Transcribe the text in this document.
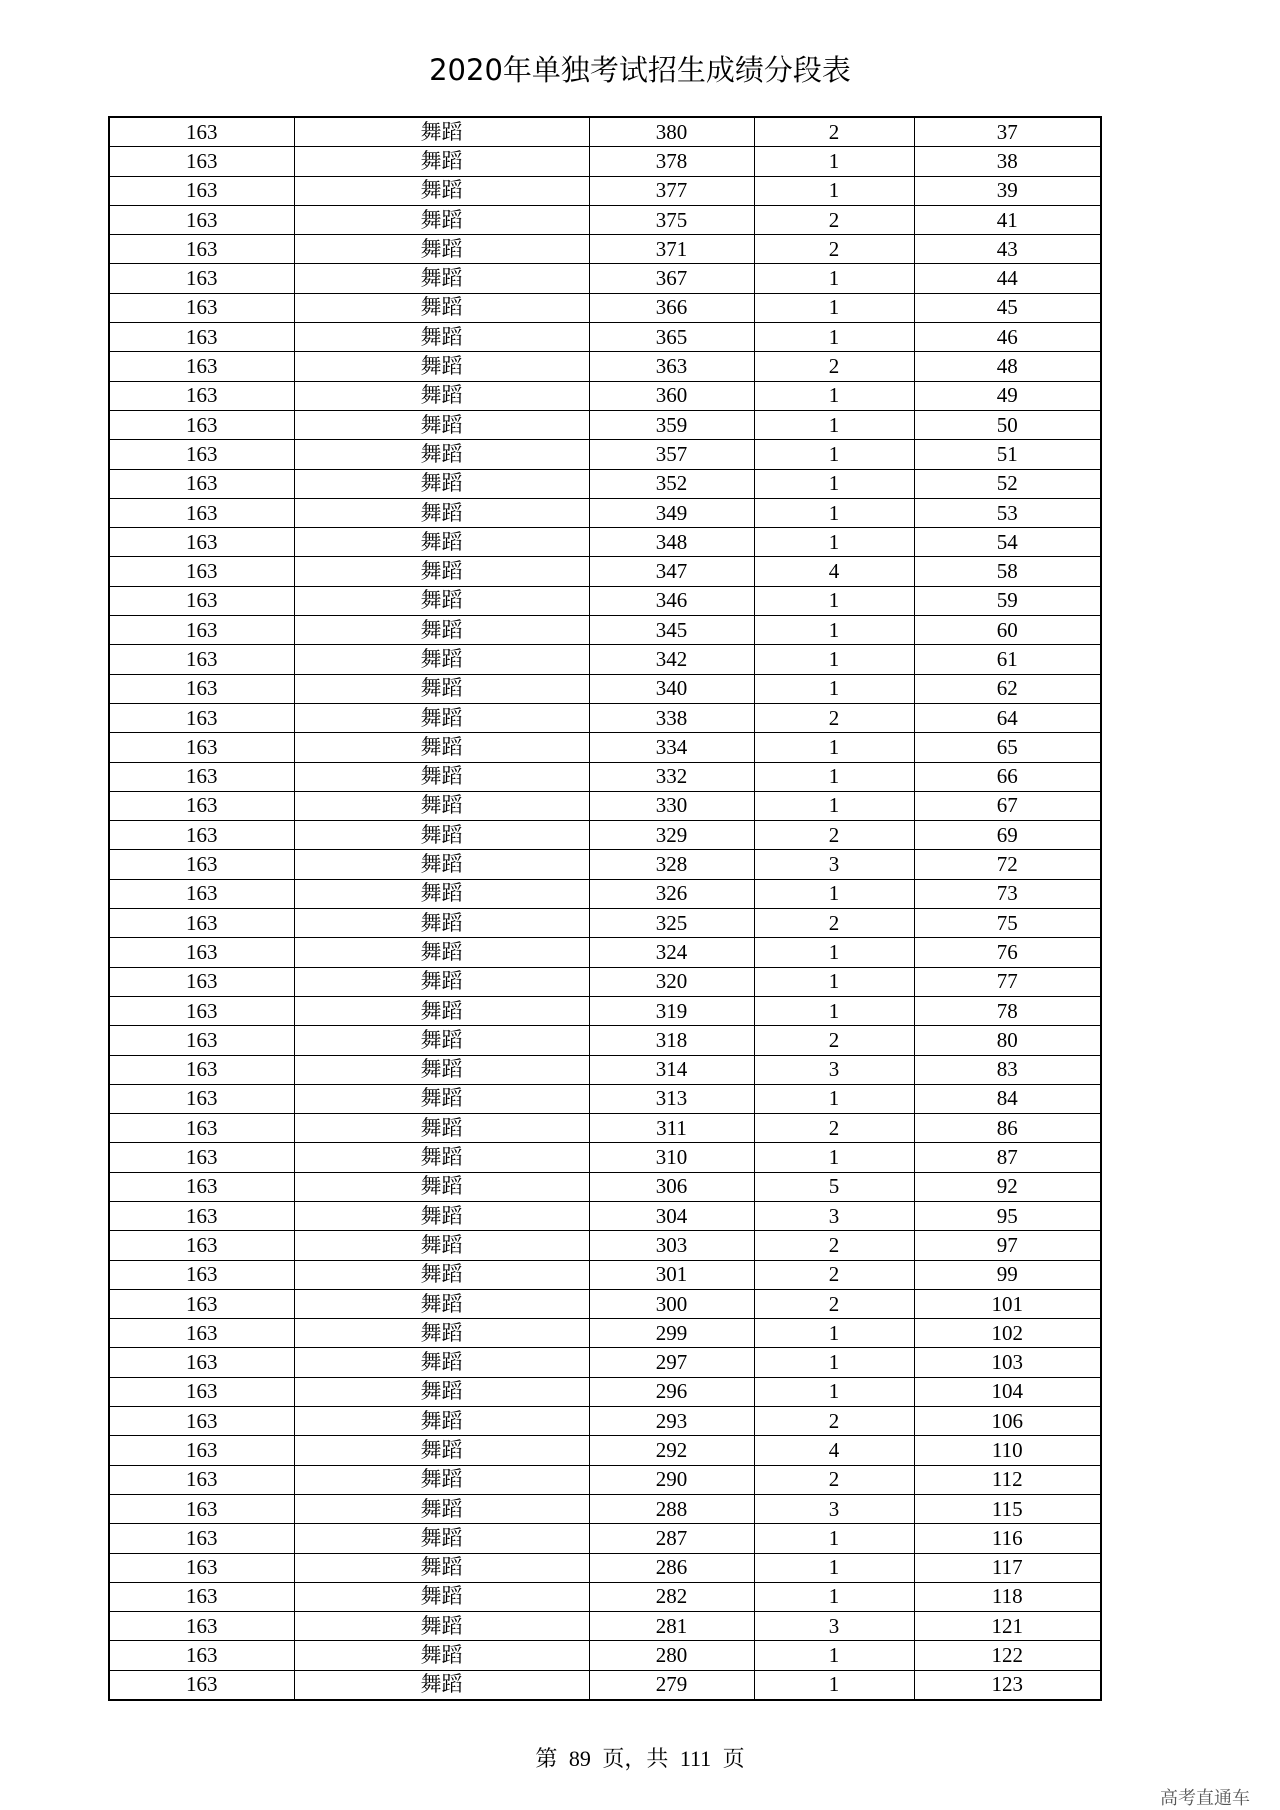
2020年单独考试招生成绩分段表
163	舞蹈	380	2	37
163	舞蹈	378	1	38
163	舞蹈	377	1	39
163	舞蹈	375	2	41
163	舞蹈	371	2	43
163	舞蹈	367	1	44
163	舞蹈	366	1	45
163	舞蹈	365	1	46
163	舞蹈	363	2	48
163	舞蹈	360	1	49
163	舞蹈	359	1	50
163	舞蹈	357	1	51
163	舞蹈	352	1	52
163	舞蹈	349	1	53
163	舞蹈	348	1	54
163	舞蹈	347	4	58
163	舞蹈	346	1	59
163	舞蹈	345	1	60
163	舞蹈	342	1	61
163	舞蹈	340	1	62
163	舞蹈	338	2	64
163	舞蹈	334	1	65
163	舞蹈	332	1	66
163	舞蹈	330	1	67
163	舞蹈	329	2	69
163	舞蹈	328	3	72
163	舞蹈	326	1	73
163	舞蹈	325	2	75
163	舞蹈	324	1	76
163	舞蹈	320	1	77
163	舞蹈	319	1	78
163	舞蹈	318	2	80
163	舞蹈	314	3	83
163	舞蹈	313	1	84
163	舞蹈	311	2	86
163	舞蹈	310	1	87
163	舞蹈	306	5	92
163	舞蹈	304	3	95
163	舞蹈	303	2	97
163	舞蹈	301	2	99
163	舞蹈	300	2	101
163	舞蹈	299	1	102
163	舞蹈	297	1	103
163	舞蹈	296	1	104
163	舞蹈	293	2	106
163	舞蹈	292	4	110
163	舞蹈	290	2	112
163	舞蹈	288	3	115
163	舞蹈	287	1	116
163	舞蹈	286	1	117
163	舞蹈	282	1	118
163	舞蹈	281	3	121
163	舞蹈	280	1	122
163	舞蹈	279	1	123
第 89 页，共 111 页
高考直通车
